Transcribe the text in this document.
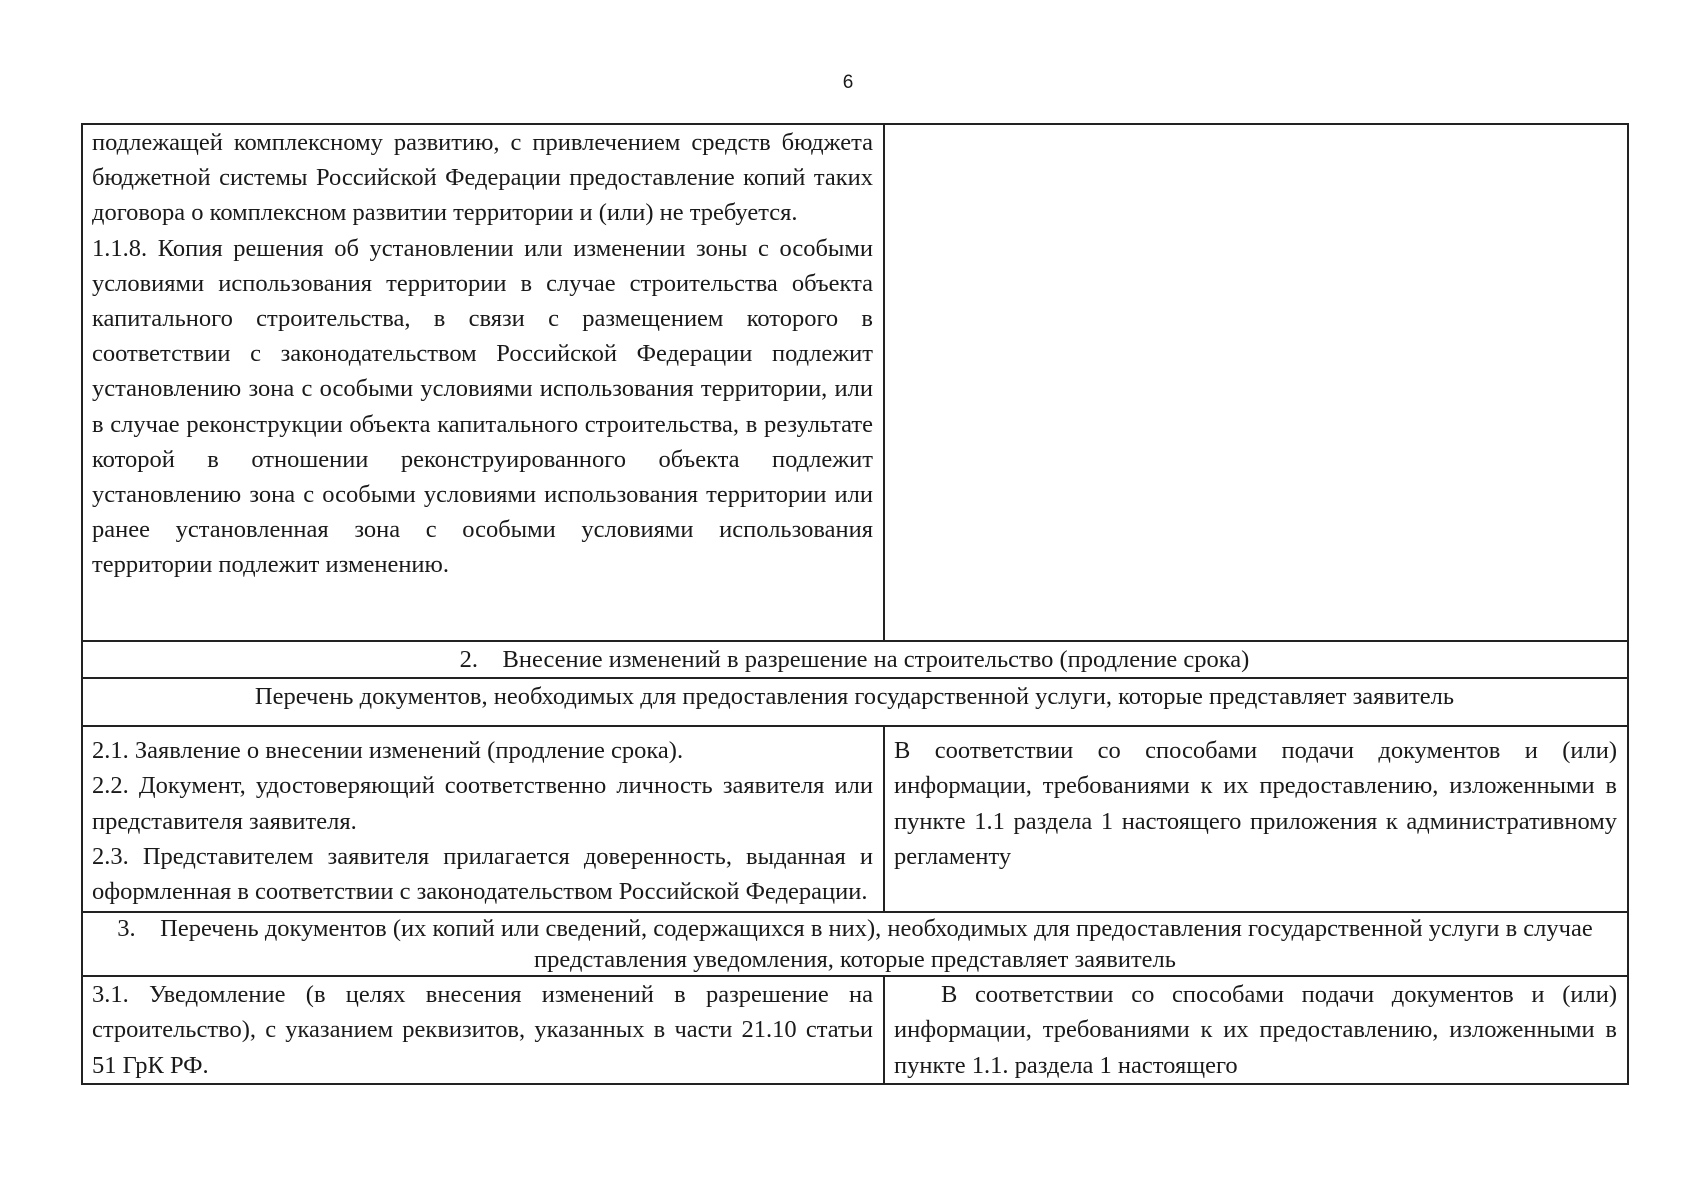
6

подлежащей комплексному развитию, с привлечением средств бюджета бюджетной системы Российской Федерации предоставление копий таких договора о комплексном развитии территории и (или) не требуется.

1.1.8. Копия решения об установлении или изменении зоны с особыми условиями использования территории в случае строительства объекта капитального строительства, в связи с размещением которого в соответствии с законодательством Российской Федерации подлежит установлению зона с особыми условиями использования территории, или в случае реконструкции объекта капитального строительства, в результате которой в отношении реконструированного объекта подлежит установлению зона с особыми условиями использования территории или ранее установленная зона с особыми условиями использования территории подлежит изменению.	

2. Внесение изменений в разрешение на строительство (продление срока)	
Перечень документов, необходимых для предоставления государственной услуги, которые представляет заявитель	

2.1. Заявление о внесении изменений (продление срока).

2.2. Документ, удостоверяющий соответственно личность заявителя или представителя заявителя.

2.3. Представителем заявителя прилагается доверенность, выданная и оформленная в соответствии с законодательством Российской Федерации.	В соответствии со способами подачи документов и (или) информации, требованиями к их предоставлению, изложенными в пункте 1.1 раздела 1 настоящего приложения к административному регламенту

3. Перечень документов (их копий или сведений, содержащихся в них), необходимых для предоставления государственной услуги в случае представления уведомления, которые представляет заявитель	

3.1. Уведомление (в целях внесения изменений в разрешение на строительство), с указанием реквизитов, указанных в части 21.10 статьи 51 ГрК РФ.	В соответствии со способами подачи документов и (или) информации, требованиями к их предоставлению, изложенными в пункте 1.1. раздела 1 настоящего
